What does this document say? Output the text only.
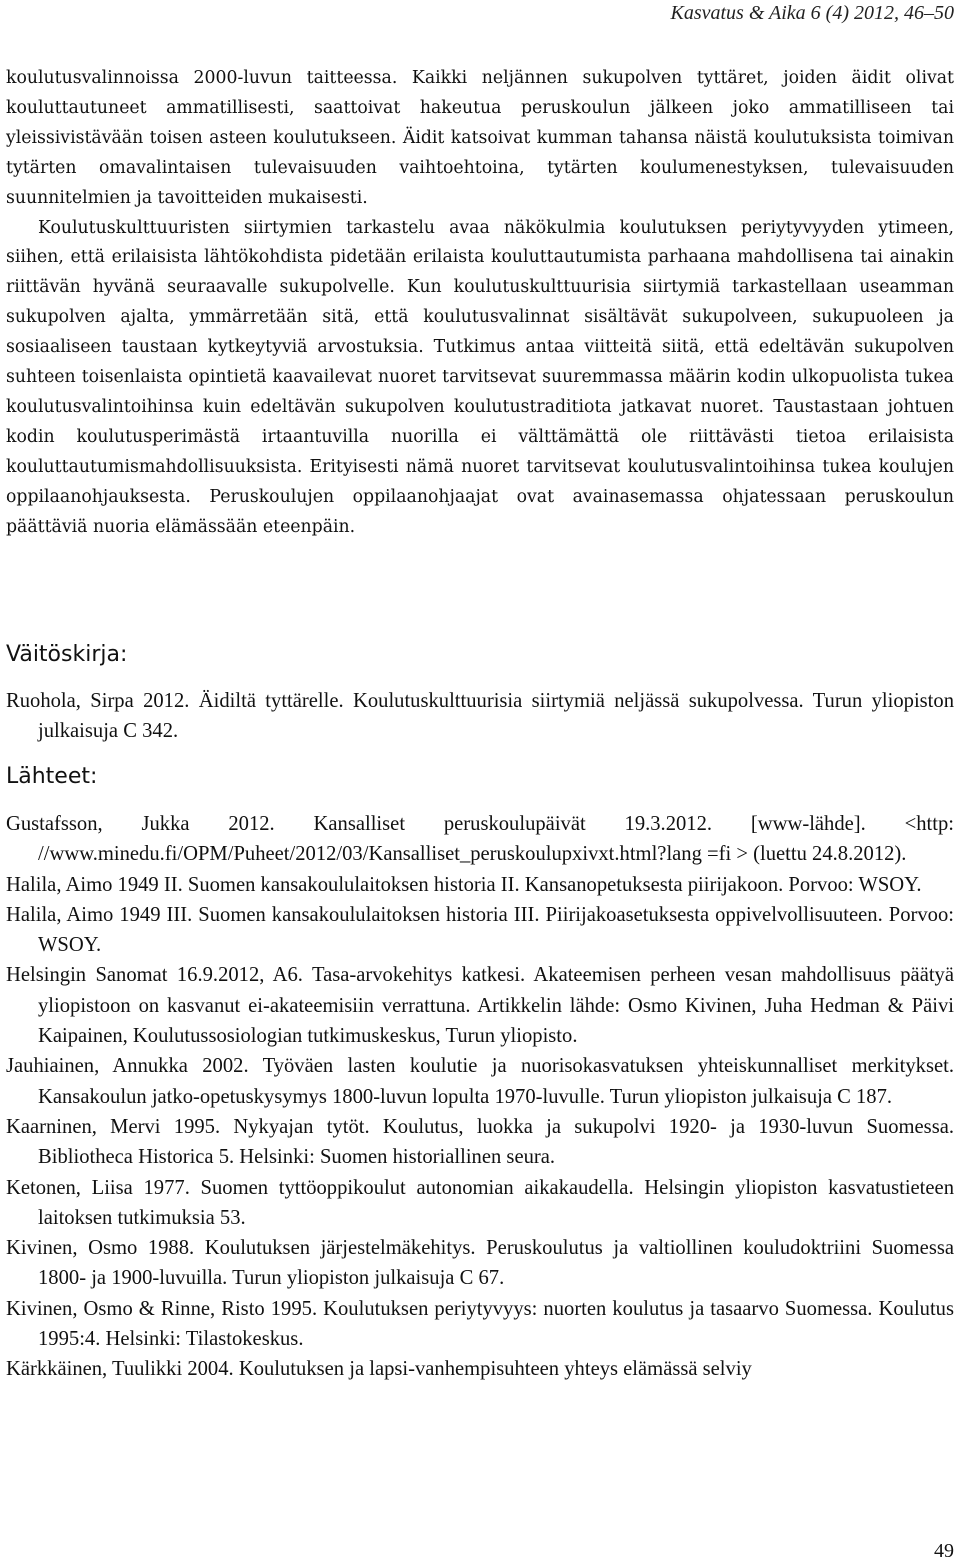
Kasvatus & Aika 6 (4) 2012, 46–50

koulutusvalinnoissa 2000-luvun taitteessa. Kaikki neljännen sukupolven tyttäret, joiden äidit olivat kouluttautuneet ammatillisesti, saattoivat hakeutua peruskoulun jälkeen joko ammatilliseen tai yleissivistävään toisen asteen koulutukseen. Äidit katsoivat kumman tahansa näistä koulutuksista toimivan tytärten omavalintaisen tulevaisuuden vaihtoehtoina, tytärten koulumenestyksen, tulevaisuuden suunnitelmien ja tavoitteiden mukaisesti.

Koulutuskulttuuristen siirtymien tarkastelu avaa näkökulmia koulutuksen periytyvyyden ytimeen, siihen, että erilaisista lähtökohdista pidetään erilaista kouluttautumista parhaana mahdollisena tai ainakin riittävän hyvänä seuraavalle sukupolvelle. Kun koulutuskulttuurisia siirtymiä tarkastellaan useamman sukupolven ajalta, ymmärretään sitä, että koulutusvalinnat sisältävät sukupolveen, sukupuoleen ja sosiaaliseen taustaan kytkeytyviä arvostuksia. Tutkimus antaa viitteitä siitä, että edeltävän sukupolven suhteen toisenlaista opintietä kaavailevat nuoret tarvitsevat suuremmassa määrin kodin ulkopuolista tukea koulutusvalintoihinsa kuin edeltävän sukupolven koulutustraditiota jatkavat nuoret. Taustastaan johtuen kodin koulutusperimästä irtaantuvilla nuorilla ei välttämättä ole riittävästi tietoa erilaisista kouluttautumismahdollisuuksista. Erityisesti nämä nuoret tarvitsevat koulutusvalintoihinsa tukea koulujen oppilaanohjauksesta. Peruskoulujen oppilaanohjaajat ovat avainasemassa ohjatessaan peruskoulun päättäviä nuoria elämässään eteenpäin.

Väitöskirja:
Ruohola, Sirpa 2012. Äidiltä tyttärelle. Koulutuskulttuurisia siirtymiä neljässä sukupolvessa. Turun yliopiston julkaisuja C 342.
Lähteet:
Gustafsson, Jukka 2012. Kansalliset peruskoulupäivät 19.3.2012. [www-lähde]. <http: //www.minedu.fi/OPM/Puheet/2012/03/Kansalliset_peruskoulupxivxt.html?lang =fi > (luettu 24.8.2012).
Halila, Aimo 1949 II. Suomen kansakoululaitoksen historia II. Kansanopetuksesta piirijakoon. Porvoo: WSOY.
Halila, Aimo 1949 III. Suomen kansakoululaitoksen historia III. Piirijakoasetuksesta oppivelvollisuuteen. Porvoo: WSOY.
Helsingin Sanomat 16.9.2012, A6. Tasa-arvokehitys katkesi. Akateemisen perheen vesan mahdollisuus päätyä yliopistoon on kasvanut ei-akateemisiin verrattuna. Artikkelin lähde: Osmo Kivinen, Juha Hedman & Päivi Kaipainen, Koulutussosiologian tutkimuskeskus, Turun yliopisto.
Jauhiainen, Annukka 2002. Työväen lasten koulutie ja nuorisokasvatuksen yhteiskunnalliset merkitykset. Kansakoulun jatko-opetuskysymys 1800-luvun lopulta 1970-luvulle. Turun yliopiston julkaisuja C 187.
Kaarninen, Mervi 1995. Nykyajan tytöt. Koulutus, luokka ja sukupolvi 1920- ja 1930-luvun Suomessa. Bibliotheca Historica 5. Helsinki: Suomen historiallinen seura.
Ketonen, Liisa 1977. Suomen tyttöoppikoulut autonomian aikakaudella. Helsingin yliopiston kasvatustieteen laitoksen tutkimuksia 53.
Kivinen, Osmo 1988. Koulutuksen järjestelmäkehitys. Peruskoulutus ja valtiollinen kouludoktriini Suomessa 1800- ja 1900-luvuilla. Turun yliopiston julkaisuja C 67.
Kivinen, Osmo & Rinne, Risto 1995. Koulutuksen periytyvyys: nuorten koulutus ja tasaarvo Suomessa. Koulutus 1995:4. Helsinki: Tilastokeskus.
Kärkkäinen, Tuulikki 2004. Koulutuksen ja lapsi-vanhempisuhteen yhteys elämässä selviy
49
